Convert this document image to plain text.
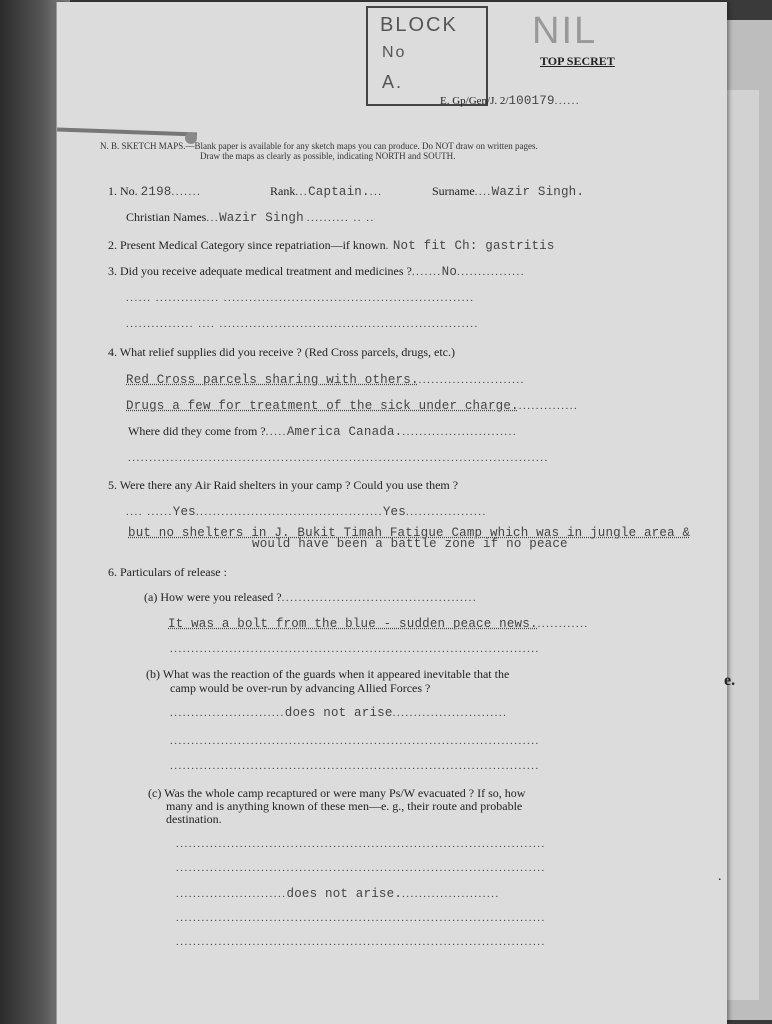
BLOCK
No
A.
NIL
TOP SECRET
E. Gp/Gen/J. 2/100179......
N. B. SKETCH MAPS.—Blank paper is available for any sketch maps you can produce. Do NOT draw on written pages.

Draw the maps as clearly as possible, indicating NORTH and SOUTH.
1. No. 2198.......	Rank...Captain....	Surname....Wazir Singh.
Christian Names...Wazir Singh .......... .. ..
2. Present Medical Category since repatriation—if known. Not fit Ch: gastritis
3. Did you receive adequate medical treatment and medicines ?.......No................
...... ............... ...........................................................
................ .... .............................................................
4. What relief supplies did you receive ? (Red Cross parcels, drugs, etc.)
Red Cross parcels sharing with others..........................
Drugs a few for treatment of the sick under charge...............
Where did they come from ?.....America Canada............................
...................................................................................................
5. Were there any Air Raid shelters in your camp ? Could you use them ?
.... ......Yes............................................Yes...................
but no shelters in J. Bukit Timah Fatigue Camp which was in jungle area &
would have been a battle zone if no peace
6. Particulars of release :
(a) How were you released ?..............................................
It was a bolt from the blue - sudden peace news.............
.......................................................................................
(b) What was the reaction of the guards when it appeared inevitable that the
camp would be over-run by advancing Allied Forces ?
...........................does not arise...........................
.......................................................................................
.......................................................................................
(c) Was the whole camp recaptured or were many Ps/W evacuated ? If so, how
many and is anything known of these men—e. g., their route and probable
destination.
.......................................................................................
.......................................................................................
..........................does not arise........................
.......................................................................................
.......................................................................................
e.
.
